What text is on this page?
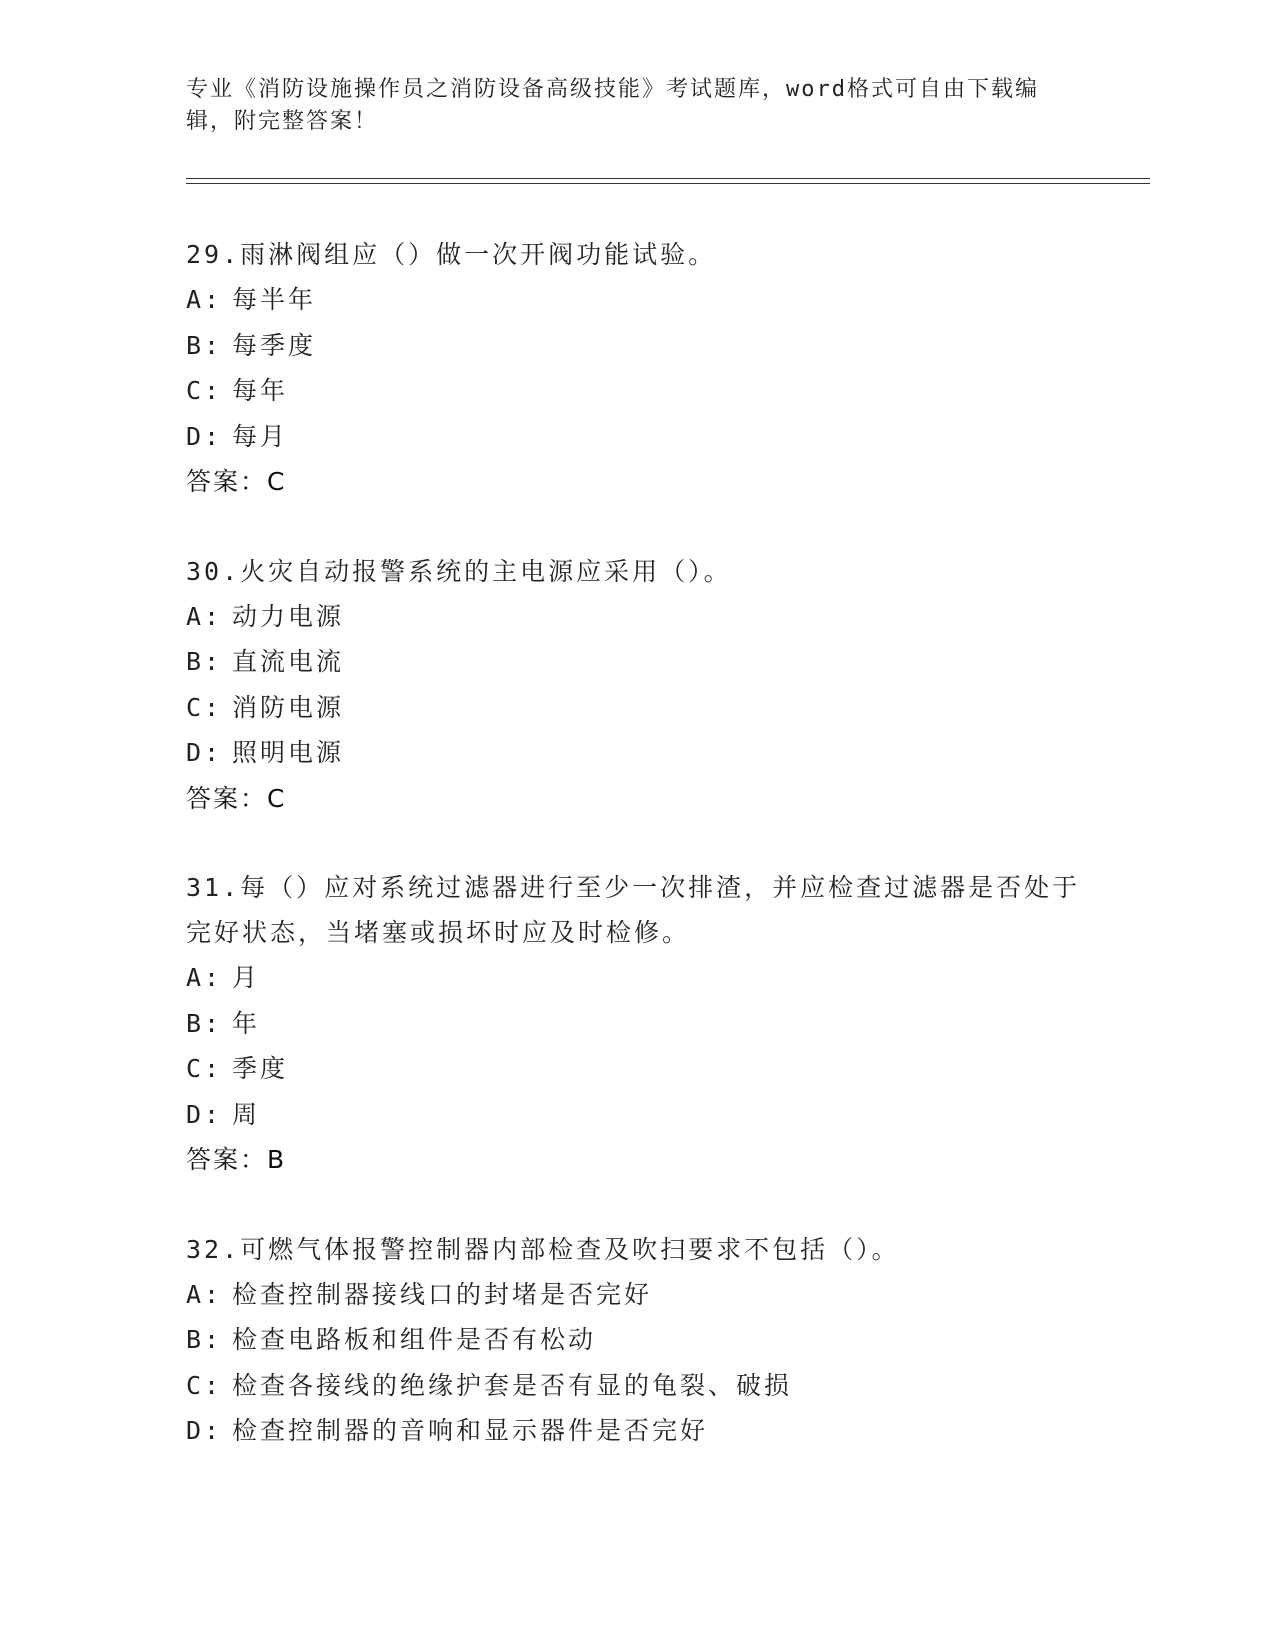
专业《消防设施操作员之消防设备高级技能》考试题库，word格式可自由下载编辑，附完整答案！
29.雨淋阀组应（）做一次开阀功能试验。
A: 每半年
B: 每季度
C: 每年
D: 每月
答案：C
30.火灾自动报警系统的主电源应采用（）。
A: 动力电源
B: 直流电流
C: 消防电源
D: 照明电源
答案：C
31.每（）应对系统过滤器进行至少一次排渣，并应检查过滤器是否处于完好状态，当堵塞或损坏时应及时检修。
A: 月
B: 年
C: 季度
D: 周
答案：B
32.可燃气体报警控制器内部检查及吹扫要求不包括（）。
A: 检查控制器接线口的封堵是否完好
B: 检查电路板和组件是否有松动
C: 检查各接线的绝缘护套是否有显的龟裂、破损
D: 检查控制器的音响和显示器件是否完好
